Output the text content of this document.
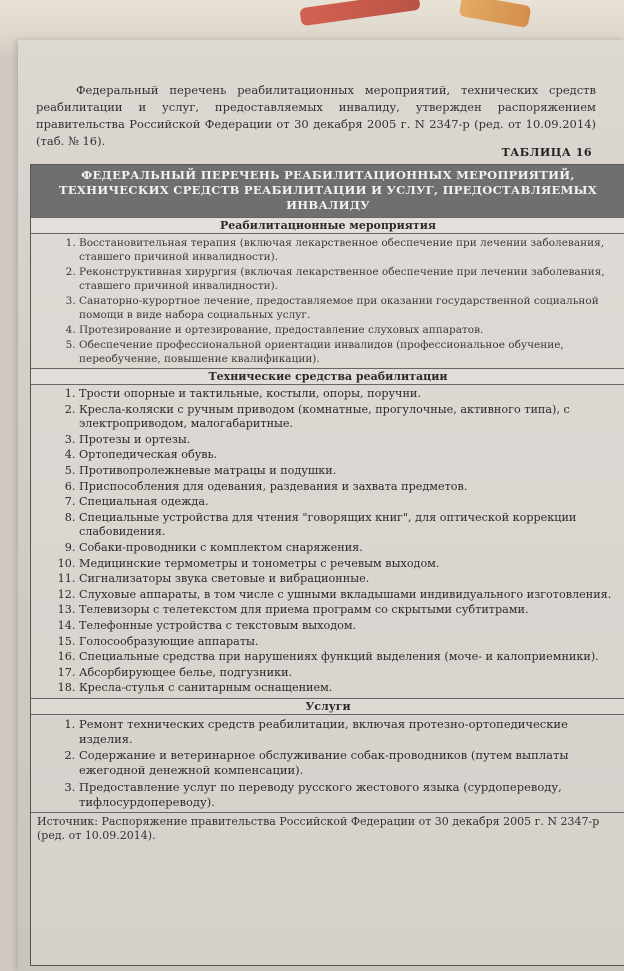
Федеральный перечень реабилитационных мероприятий, технических средств реабилитации и услуг, предоставляемых инвалиду, утвержден распоряжением правительства Российской Федерации от 30 декабря 2005 г. N 2347-р (ред. от 10.09.2014) (таб. № 16).

ТАБЛИЦА 16
ФЕДЕРАЛЬНЫЙ ПЕРЕЧЕНЬ РЕАБИЛИТАЦИОННЫХ МЕРОПРИЯТИЙ, ТЕХНИЧЕСКИХ СРЕДСТВ РЕАБИЛИТАЦИИ И УСЛУГ, ПРЕДОСТАВЛЯЕМЫХ ИНВАЛИДУ
Реабилитационные мероприятия
1. Восстановительная терапия (включая лекарственное обеспечение при лечении заболевания, ставшего причиной инвалидности).
2. Реконструктивная хирургия (включая лекарственное обеспечение при лечении заболевания, ставшего причиной инвалидности).
3. Санаторно-курортное лечение, предоставляемое при оказании государственной социальной помощи в виде набора социальных услуг.
4. Протезирование и ортезирование, предоставление слуховых аппаратов.
5. Обеспечение профессиональной ориентации инвалидов (профессиональное обучение, переобучение, повышение квалификации).
Технические средства реабилитации
1. Трости опорные и тактильные, костыли, опоры, поручни.
2. Кресла-коляски с ручным приводом (комнатные, прогулочные, активного типа), с электроприводом, малогабаритные.
3. Протезы и ортезы.
4. Ортопедическая обувь.
5. Противопролежневые матрацы и подушки.
6. Приспособления для одевания, раздевания и захвата предметов.
7. Специальная одежда.
8. Специальные устройства для чтения "говорящих книг", для оптической коррекции слабовидения.
9. Собаки-проводники с комплектом снаряжения.
10. Медицинские термометры и тонометры с речевым выходом.
11. Сигнализаторы звука световые и вибрационные.
12. Слуховые аппараты, в том числе с ушными вкладышами индивидуального изготовления.
13. Телевизоры с телетекстом для приема программ со скрытыми субтитрами.
14. Телефонные устройства с текстовым выходом.
15. Голосообразующие аппараты.
16. Специальные средства при нарушениях функций выделения (моче- и калоприемники).
17. Абсорбирующее белье, подгузники.
18. Кресла-стулья с санитарным оснащением.
Услуги
1. Ремонт технических средств реабилитации, включая протезно-ортопедические изделия.
2. Содержание и ветеринарное обслуживание собак-проводников (путем выплаты ежегодной денежной компенсации).
3. Предоставление услуг по переводу русского жестового языка (сурдопереводу, тифлосурдопереводу).
Источник: Распоряжение правительства Российской Федерации от 30 декабря 2005 г. N 2347-р (ред. от 10.09.2014).
